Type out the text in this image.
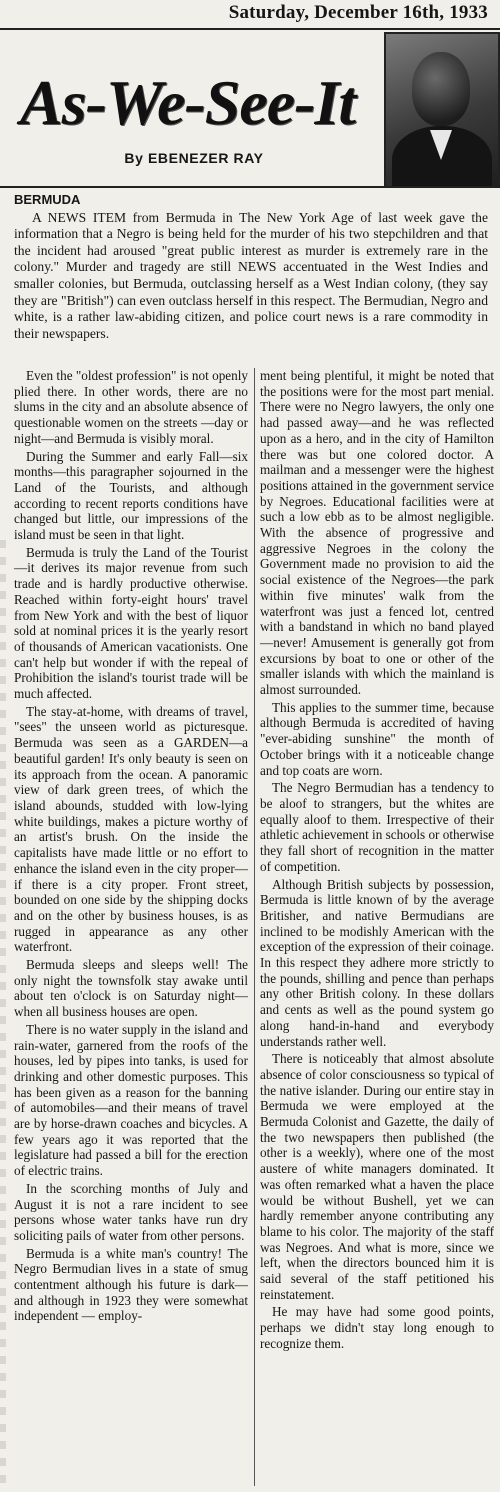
Saturday, December 16th, 1933
As-We-See-It
By EBENEZER RAY
BERMUDA

A NEWS ITEM from Bermuda in The New York Age of last week gave the information that a Negro is being held for the murder of his two stepchildren and that the incident had aroused "great public interest as murder is extremely rare in the colony." Murder and tragedy are still NEWS accentuated in the West Indies and smaller colonies, but Bermuda, outclassing herself as a West Indian colony, (they say they are "British") can even outclass herself in this respect. The Bermudian, Negro and white, is a rather law-abiding citizen, and police court news is a rare commodity in their newspapers.

Even the "oldest profession" is not openly plied there. In other words, there are no slums in the city and an absolute absence of questionable women on the streets —day or night—and Bermuda is visibly moral.

During the Summer and early Fall—six months—this paragrapher sojourned in the Land of the Tourists, and although according to recent reports conditions have changed but little, our impressions of the island must be seen in that light.

Bermuda is truly the Land of the Tourist—it derives its major revenue from such trade and is hardly productive otherwise. Reached within forty-eight hours' travel from New York and with the best of liquor sold at nominal prices it is the yearly resort of thousands of American vacationists. One can't help but wonder if with the repeal of Prohibition the island's tourist trade will be much affected.

The stay-at-home, with dreams of travel, "sees" the unseen world as picturesque. Bermuda was seen as a GARDEN—a beautiful garden! It's only beauty is seen on its approach from the ocean. A panoramic view of dark green trees, of which the island abounds, studded with low-lying white buildings, makes a picture worthy of an artist's brush. On the inside the capitalists have made little or no effort to enhance the island even in the city proper—if there is a city proper. Front street, bounded on one side by the shipping docks and on the other by business houses, is as rugged in appearance as any other waterfront.

Bermuda sleeps and sleeps well! The only night the townsfolk stay awake until about ten o'clock is on Saturday night—when all business houses are open.

There is no water supply in the island and rain-water, garnered from the roofs of the houses, led by pipes into tanks, is used for drinking and other domestic purposes. This has been given as a reason for the banning of automobiles—and their means of travel are by horse-drawn coaches and bicycles. A few years ago it was reported that the legislature had passed a bill for the erection of electric trains.

In the scorching months of July and August it is not a rare incident to see persons whose water tanks have run dry soliciting pails of water from other persons.

Bermuda is a white man's country! The Negro Bermudian lives in a state of smug contentment although his future is dark—and although in 1923 they were somewhat independent — employ-

ment being plentiful, it might be noted that the positions were for the most part menial. There were no Negro lawyers, the only one had passed away—and he was reflected upon as a hero, and in the city of Hamilton there was but one colored doctor. A mailman and a messenger were the highest positions attained in the government service by Negroes. Educational facilities were at such a low ebb as to be almost negligible. With the absence of progressive and aggressive Negroes in the colony the Government made no provision to aid the social existence of the Negroes—the park within five minutes' walk from the waterfront was just a fenced lot, centred with a bandstand in which no band played—never! Amusement is generally got from excursions by boat to one or other of the smaller islands with which the mainland is almost surrounded.

This applies to the summer time, because although Bermuda is accredited of having "ever-abiding sunshine" the month of October brings with it a noticeable change and top coats are worn.

The Negro Bermudian has a tendency to be aloof to strangers, but the whites are equally aloof to them. Irrespective of their athletic achievement in schools or otherwise they fall short of recognition in the matter of competition.

Although British subjects by possession, Bermuda is little known of by the average Britisher, and native Bermudians are inclined to be modishly American with the exception of the expression of their coinage. In this respect they adhere more strictly to the pounds, shilling and pence than perhaps any other British colony. In these dollars and cents as well as the pound system go along hand-in-hand and everybody understands rather well.

There is noticeably that almost absolute absence of color consciousness so typical of the native islander. During our entire stay in Bermuda we were employed at the Bermuda Colonist and Gazette, the daily of the two newspapers then published (the other is a weekly), where one of the most austere of white managers dominated. It was often remarked what a haven the place would be without Bushell, yet we can hardly remember anyone contributing any blame to his color. The majority of the staff was Negroes. And what is more, since we left, when the directors bounced him it is said several of the staff petitioned his reinstatement.

He may have had some good points, perhaps we didn't stay long enough to recognize them.
